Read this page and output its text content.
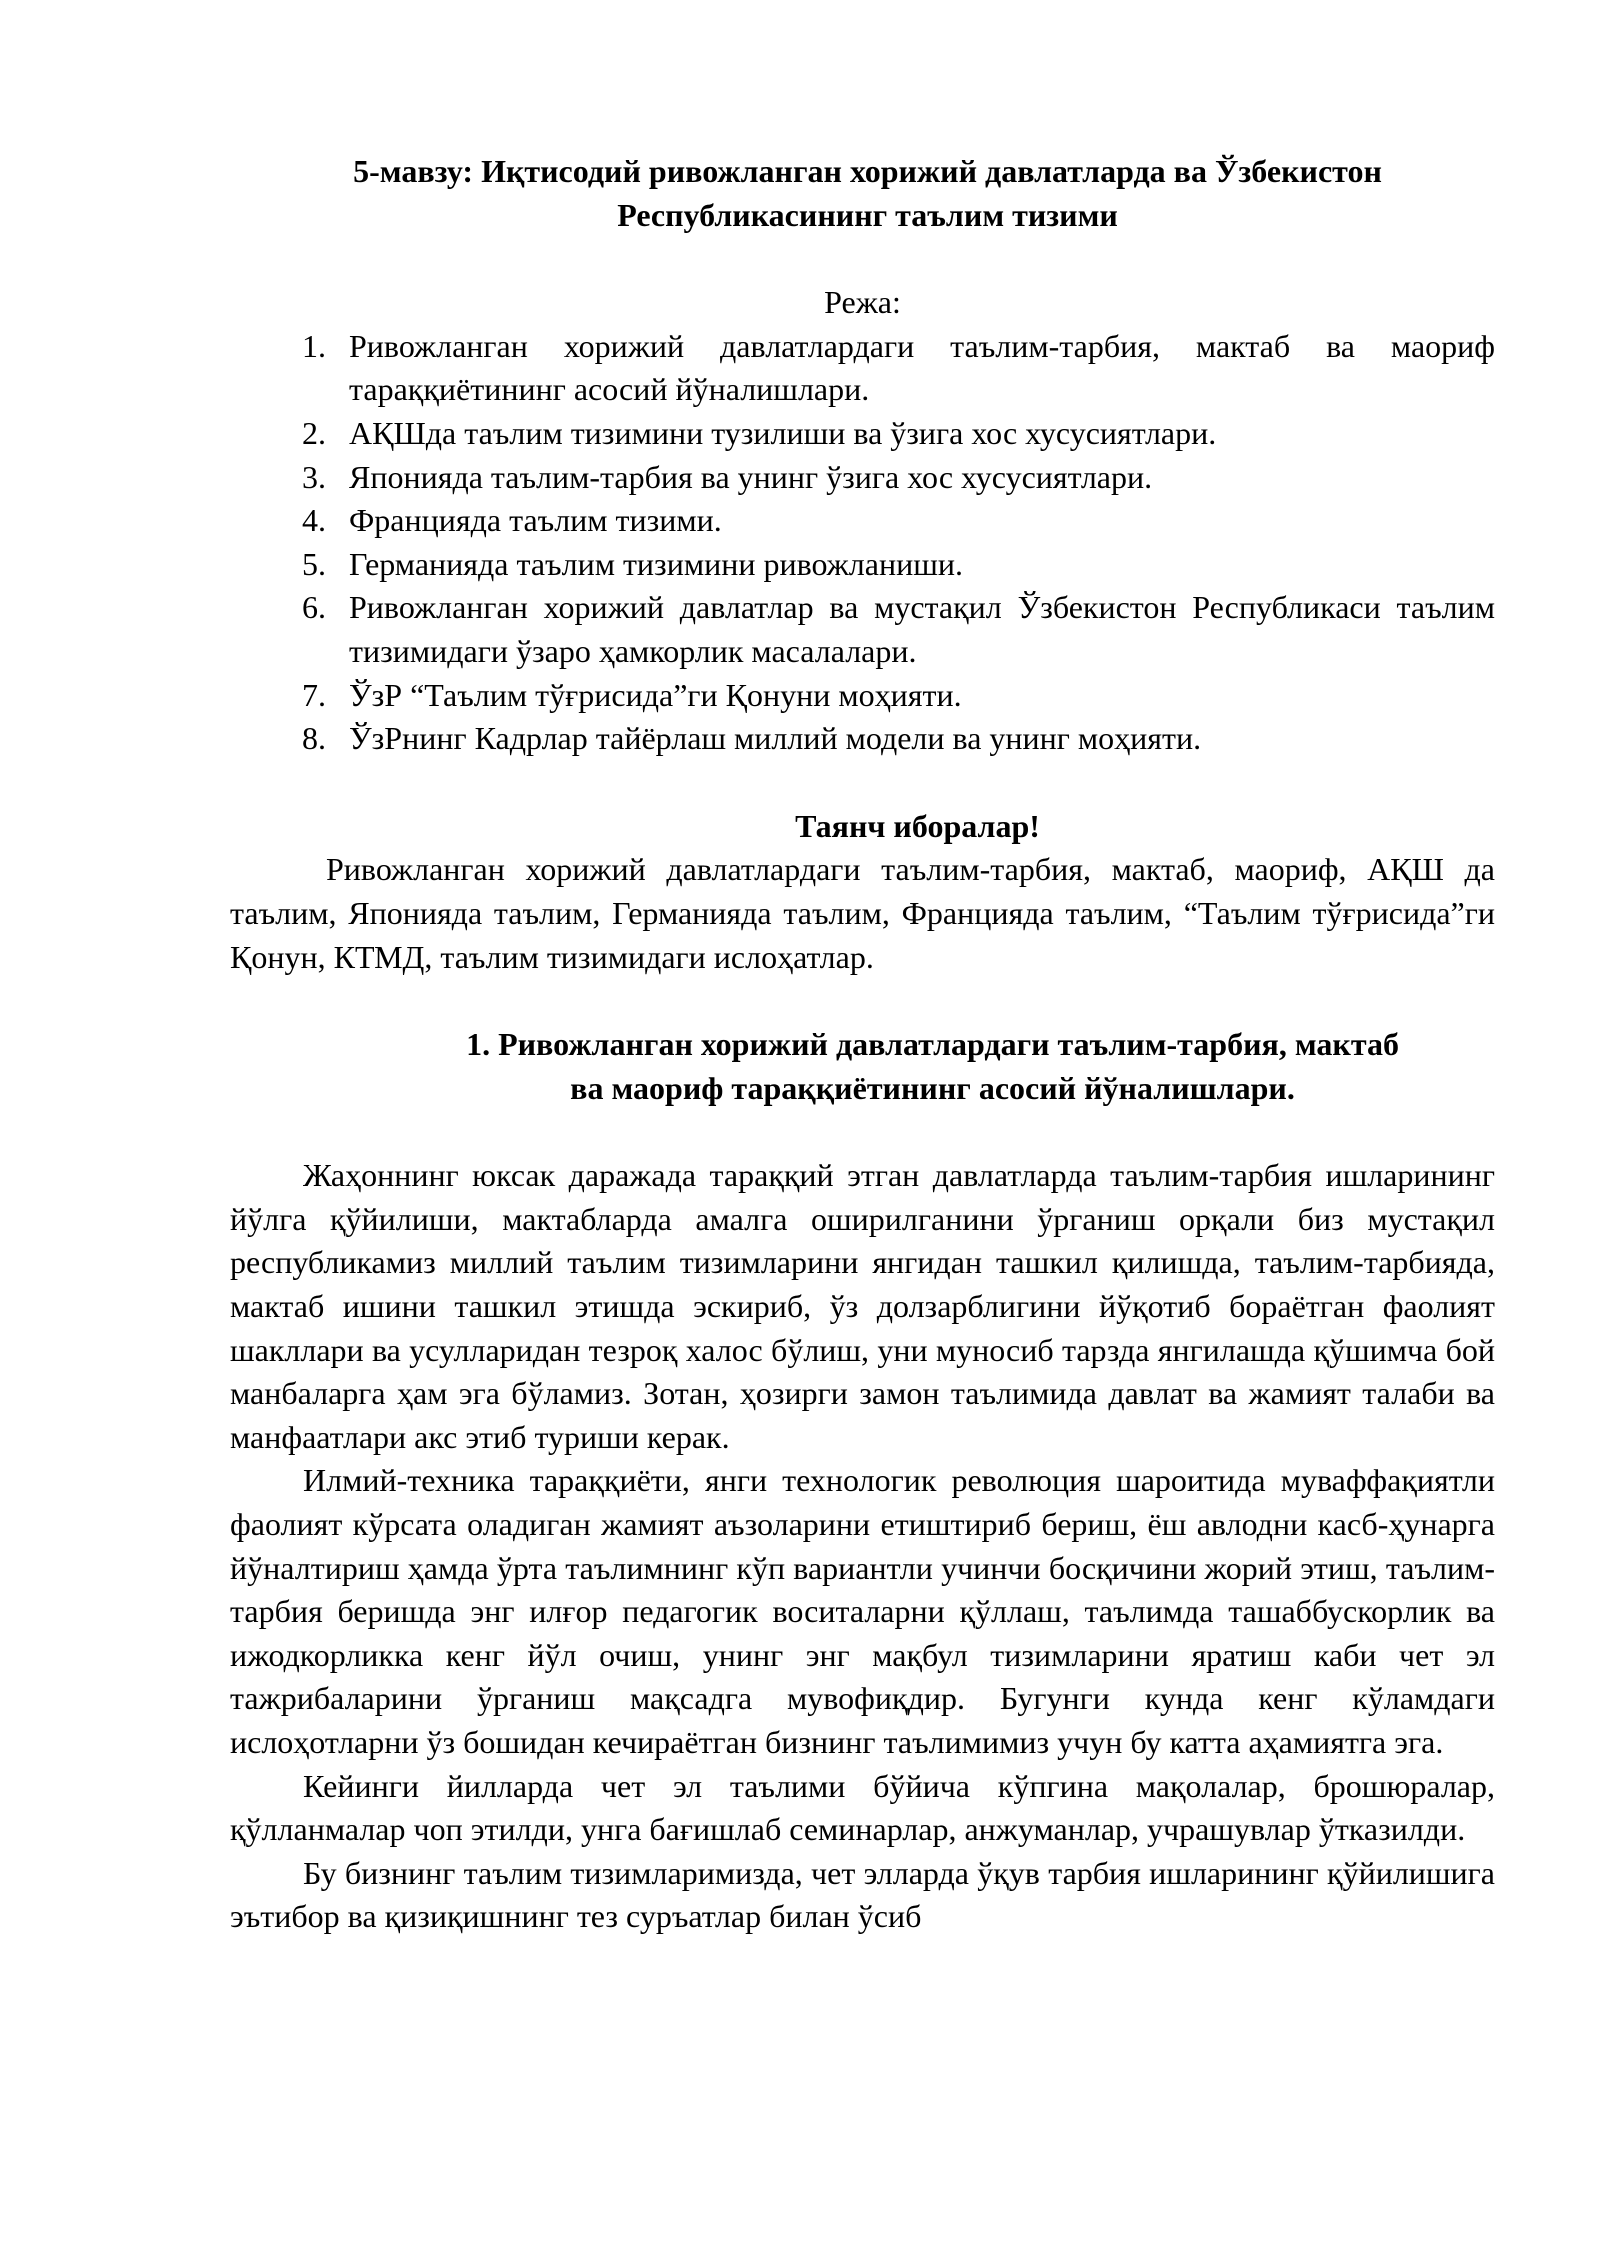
5-мавзу: Иқтисодий ривожланган хорижий давлатларда ва Ўзбекистон
Республикасининг таълим тизими
Режа:
1. Ривожланган хорижий давлатлардаги таълим-тарбия, мактаб ва маориф тараққиётининг асосий йўналишлари.
2. АҚШда таълим тизимини тузилиши ва ўзига хос хусусиятлари.
3. Японияда таълим-тарбия ва унинг ўзига хос хусусиятлари.
4. Францияда таълим тизими.
5. Германияда таълим тизимини ривожланиши.
6. Ривожланган хорижий давлатлар ва мустақил Ўзбекистон Республикаси таълим тизимидаги ўзаро ҳамкорлик масалалари.
7. ЎзР “Таълим тўғрисида”ги Қонуни моҳияти.
8. ЎзРнинг Кадрлар тайёрлаш миллий модели ва унинг моҳияти.
Таянч иборалар!

Ривожланган хорижий давлатлардаги таълим-тарбия, мактаб, маориф, АҚШ да таълим, Японияда таълим, Германияда таълим, Францияда таълим, “Таълим тўғрисида”ги Қонун, КТМД, таълим тизимидаги ислоҳатлар.

1. Ривожланган хорижий давлатлардаги таълим-тарбия, мактаб
ва маориф тараққиётининг асосий йўналишлари.

Жаҳоннинг юксак даражада тараққий этган давлатларда таълим-тарбия ишларининг йўлга қўйилиши, мактабларда амалга оширилганини ўрганиш орқали биз мустақил республикамиз миллий таълим тизимларини янгидан ташкил қилишда, таълим-тарбияда, мактаб ишини ташкил этишда эскириб, ўз долзарблигини йўқотиб бораётган фаолият шакллари ва усулларидан тезроқ халос бўлиш, уни муносиб тарзда янгилашда қўшимча бой манбаларга ҳам эга бўламиз. Зотан, ҳозирги замон таълимида давлат ва жамият талаби ва манфаатлари акс этиб туриши керак.

Илмий-техника тараққиёти, янги технологик революция шароитида муваффақиятли фаолият кўрсата оладиган жамият аъзоларини етиштириб бериш, ёш авлодни касб-ҳунарга йўналтириш ҳамда ўрта таълимнинг кўп вариантли учинчи босқичини жорий этиш, таълим-тарбия беришда энг илғор педагогик воситаларни қўллаш, таълимда ташаббускорлик ва ижодкорликка кенг йўл очиш, унинг энг мақбул тизимларини яратиш каби чет эл тажрибаларини ўрганиш мақсадга мувофиқдир. Бугунги кунда кенг кўламдаги ислоҳотларни ўз бошидан кечираётган бизнинг таълимимиз учун бу катта аҳамиятга эга.

Кейинги йилларда чет эл таълими бўйича кўпгина мақолалар, брошюралар, қўлланмалар чоп этилди, унга бағишлаб семинарлар, анжуманлар, учрашувлар ўтказилди.

Бу бизнинг таълим тизимларимизда, чет элларда ўқув тарбия ишларининг қўйилишига эътибор ва қизиқишнинг тез суръатлар билан ўсиб
